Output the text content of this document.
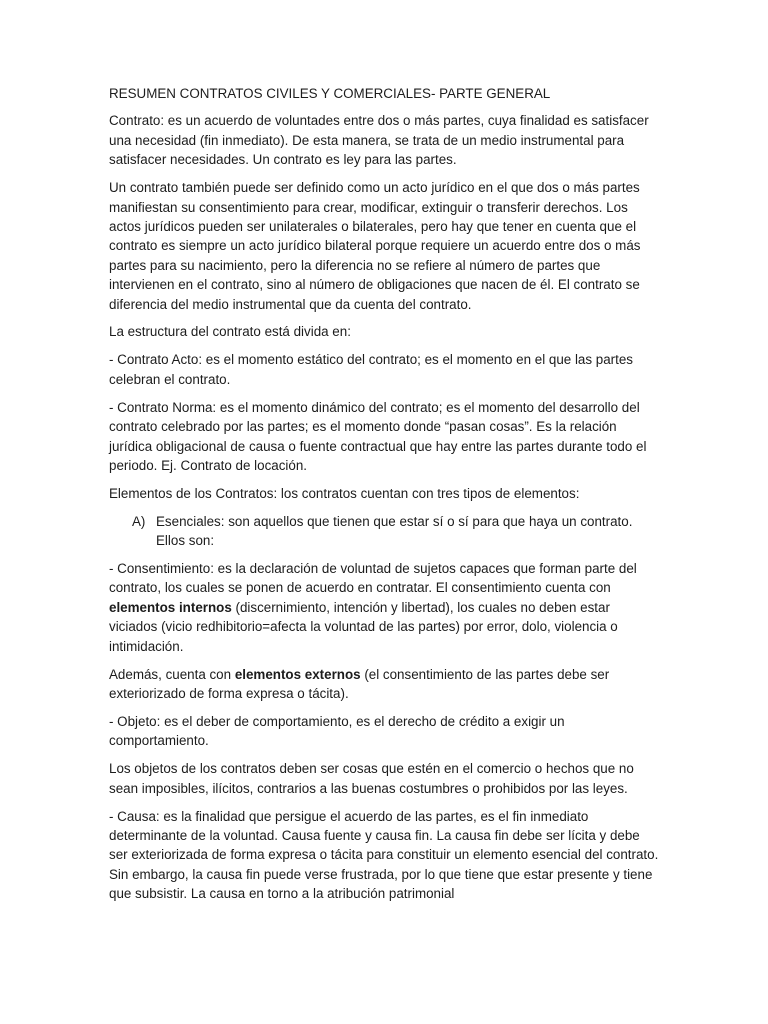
RESUMEN CONTRATOS CIVILES Y COMERCIALES- PARTE GENERAL

Contrato: es un acuerdo de voluntades entre dos o más partes, cuya finalidad es satisfacer una necesidad (fin inmediato). De esta manera, se trata de un medio instrumental para satisfacer necesidades. Un contrato es ley para las partes.

Un contrato también puede ser definido como un acto jurídico en el que dos o más partes manifiestan su consentimiento para crear, modificar, extinguir o transferir derechos. Los actos jurídicos pueden ser unilaterales o bilaterales, pero hay que tener en cuenta que el contrato es siempre un acto jurídico bilateral porque requiere un acuerdo entre dos o más partes para su nacimiento, pero la diferencia no se refiere al número de partes que intervienen en el contrato, sino al número de obligaciones que nacen de él. El contrato se diferencia del medio instrumental que da cuenta del contrato.

La estructura del contrato está divida en:

- Contrato Acto: es el momento estático del contrato; es el momento en el que las partes celebran el contrato.

- Contrato Norma: es el momento dinámico del contrato; es el momento del desarrollo del contrato celebrado por las partes; es el momento donde “pasan cosas”. Es la relación jurídica obligacional de causa o fuente contractual que hay entre las partes durante todo el periodo. Ej. Contrato de locación.

Elementos de los Contratos: los contratos cuentan con tres tipos de elementos:

A) Esenciales: son aquellos que tienen que estar sí o sí para que haya un contrato. Ellos son:

- Consentimiento: es la declaración de voluntad de sujetos capaces que forman parte del contrato, los cuales se ponen de acuerdo en contratar. El consentimiento cuenta con elementos internos (discernimiento, intención y libertad), los cuales no deben estar viciados (vicio redhibitorio=afecta la voluntad de las partes) por error, dolo, violencia o intimidación.

Además, cuenta con elementos externos (el consentimiento de las partes debe ser exteriorizado de forma expresa o tácita).

- Objeto: es el deber de comportamiento, es el derecho de crédito a exigir un comportamiento.

Los objetos de los contratos deben ser cosas que estén en el comercio o hechos que no sean imposibles, ilícitos, contrarios a las buenas costumbres o prohibidos por las leyes.

- Causa: es la finalidad que persigue el acuerdo de las partes, es el fin inmediato determinante de la voluntad. Causa fuente y causa fin. La causa fin debe ser lícita y debe ser exteriorizada de forma expresa o tácita para constituir un elemento esencial del contrato. Sin embargo, la causa fin puede verse frustrada, por lo que tiene que estar presente y tiene que subsistir. La causa en torno a la atribución patrimonial
